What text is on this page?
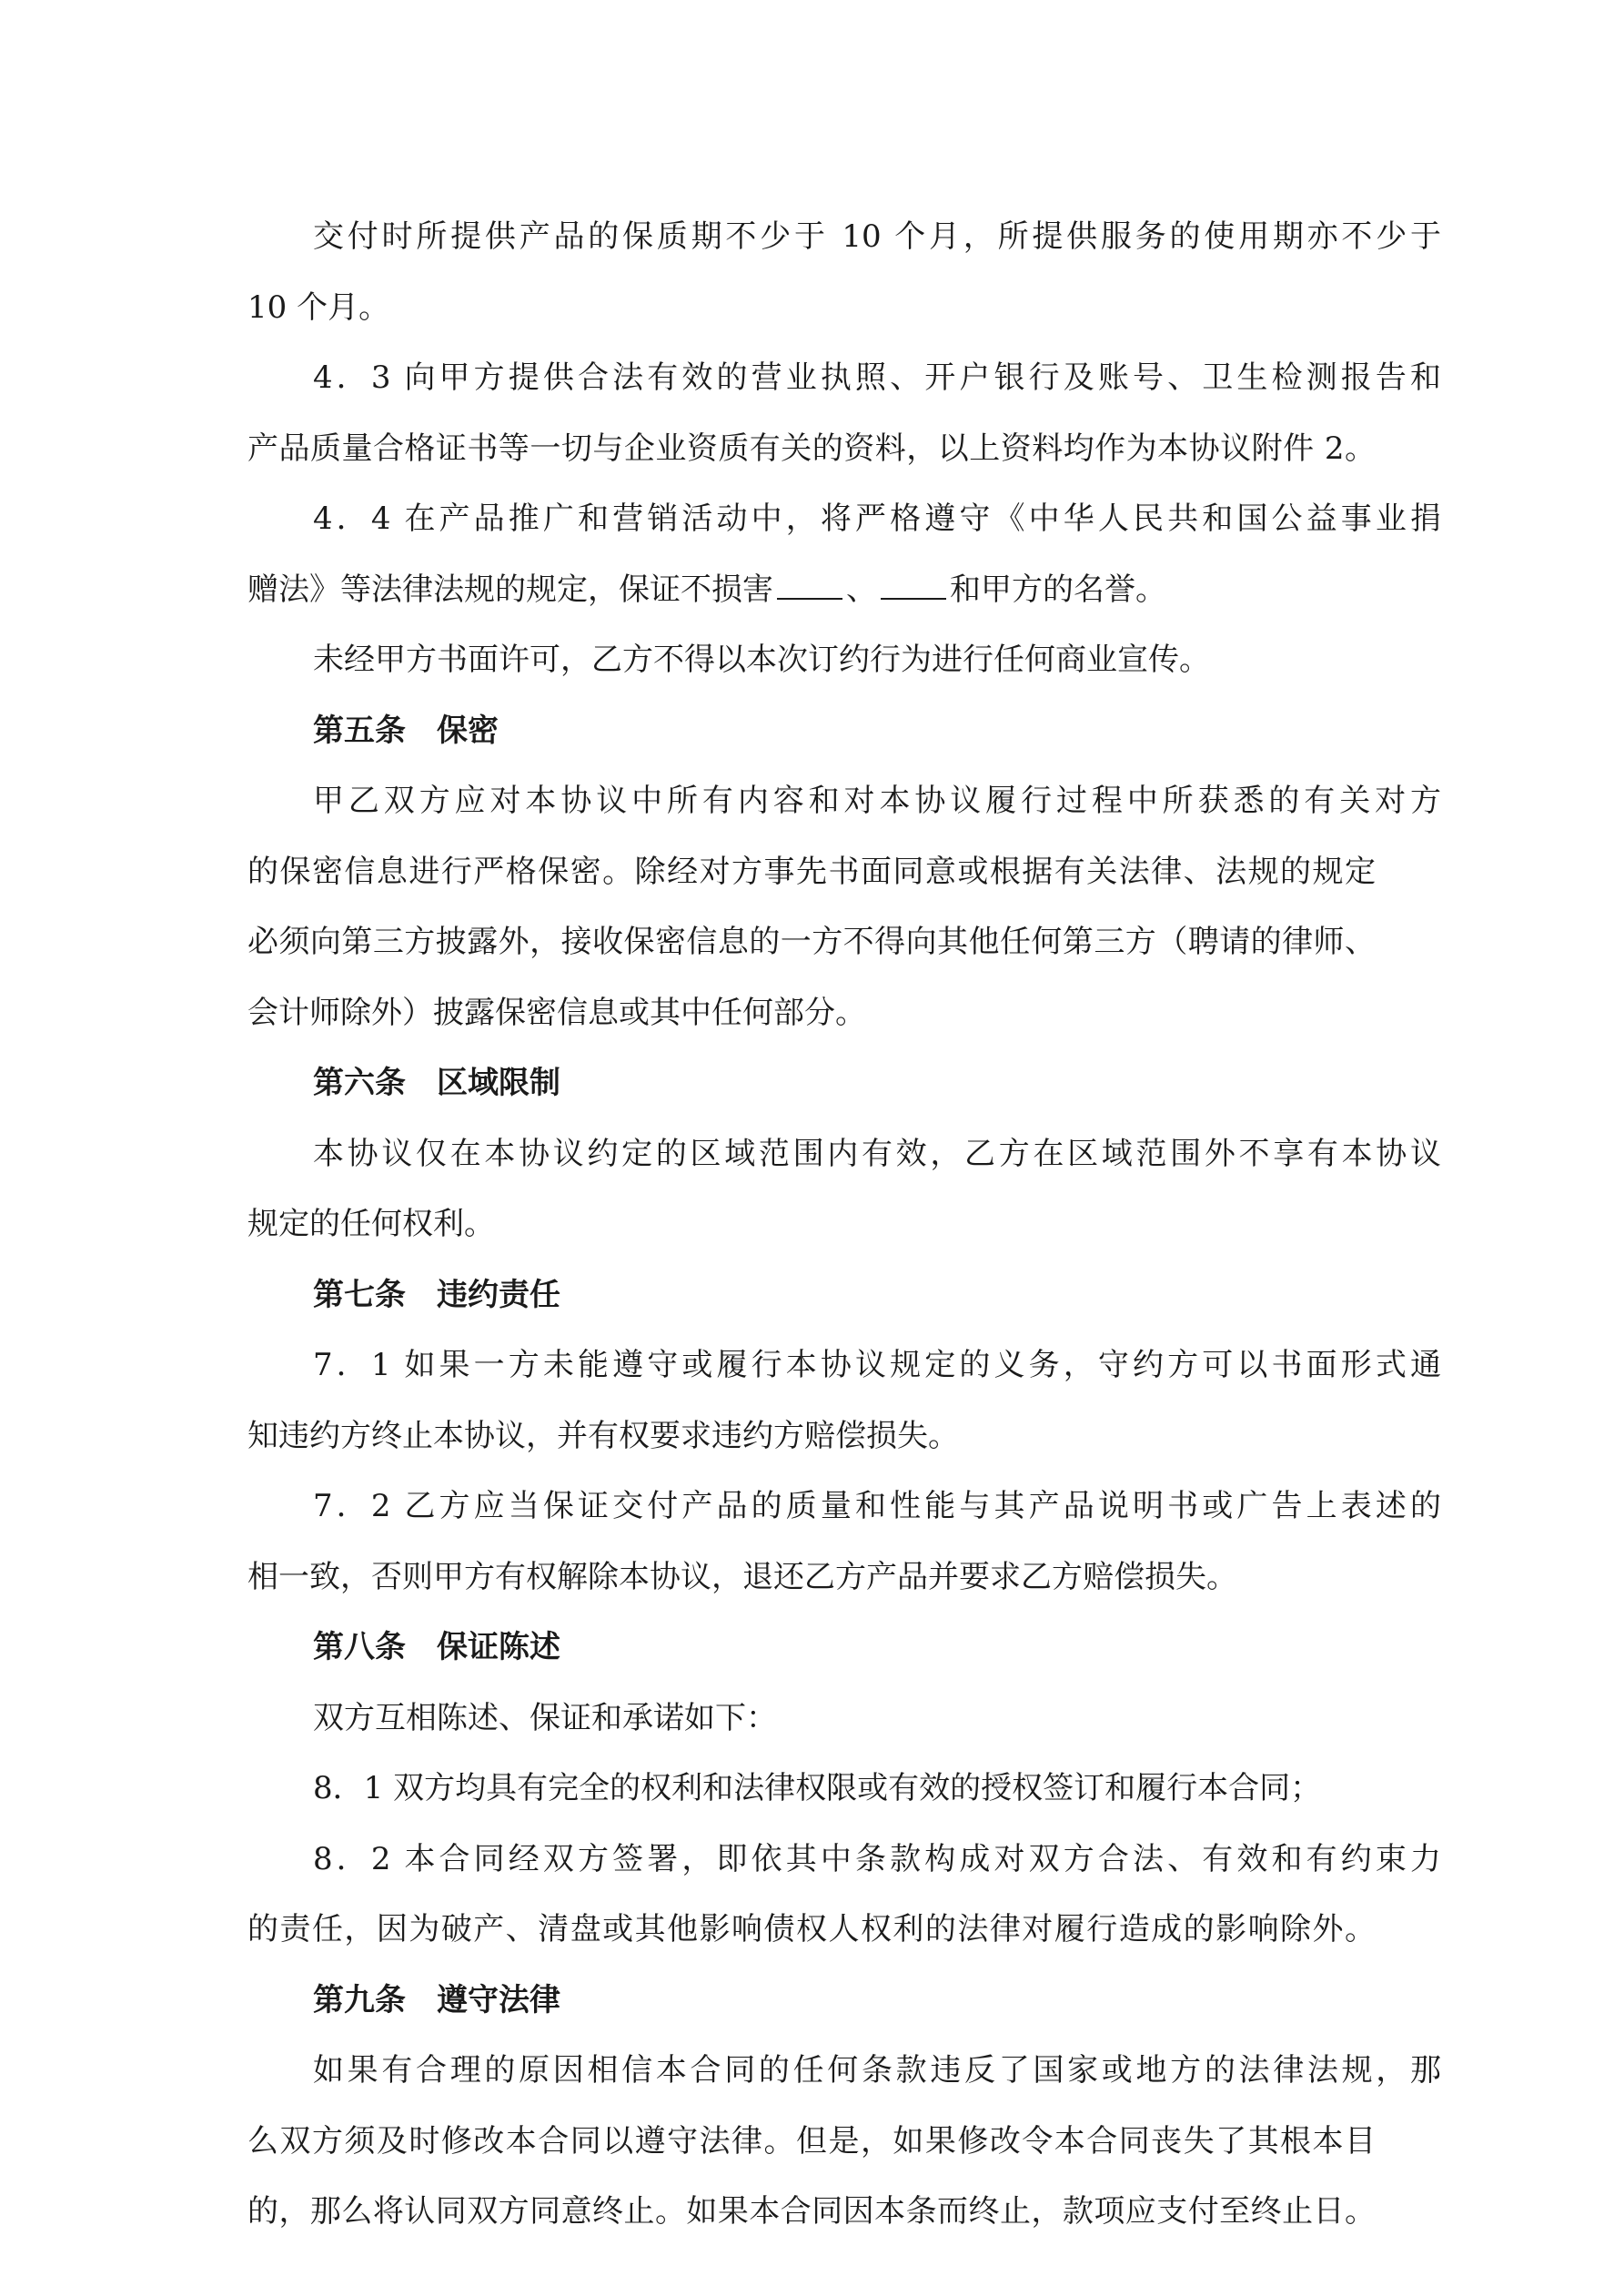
交付时所提供产品的保质期不少于 10 个月，所提供服务的使用期亦不少于
10 个月。
4．3 向甲方提供合法有效的营业执照、开户银行及账号、卫生检测报告和
产品质量合格证书等一切与企业资质有关的资料，以上资料均作为本协议附件 2。
4．4 在产品推广和营销活动中，将严格遵守《中华人民共和国公益事业捐
赠法》等法律法规的规定，保证不损害 、 和甲方的名誉。
未经甲方书面许可，乙方不得以本次订约行为进行任何商业宣传。
第五条　保密
甲乙双方应对本协议中所有内容和对本协议履行过程中所获悉的有关对方
的保密信息进行严格保密。除经对方事先书面同意或根据有关法律、法规的规定
必须向第三方披露外，接收保密信息的一方不得向其他任何第三方（聘请的律师、
会计师除外）披露保密信息或其中任何部分。
第六条　区域限制
本协议仅在本协议约定的区域范围内有效，乙方在区域范围外不享有本协议
规定的任何权利。
第七条　违约责任
7．1 如果一方未能遵守或履行本协议规定的义务，守约方可以书面形式通
知违约方终止本协议，并有权要求违约方赔偿损失。
7．2 乙方应当保证交付产品的质量和性能与其产品说明书或广告上表述的
相一致，否则甲方有权解除本协议，退还乙方产品并要求乙方赔偿损失。
第八条　保证陈述
双方互相陈述、保证和承诺如下：
8．1 双方均具有完全的权利和法律权限或有效的授权签订和履行本合同；
8．2 本合同经双方签署，即依其中条款构成对双方合法、有效和有约束力
的责任，因为破产、清盘或其他影响债权人权利的法律对履行造成的影响除外。
第九条　遵守法律
如果有合理的原因相信本合同的任何条款违反了国家或地方的法律法规，那
么双方须及时修改本合同以遵守法律。但是，如果修改令本合同丧失了其根本目
的，那么将认同双方同意终止。如果本合同因本条而终止，款项应支付至终止日。
